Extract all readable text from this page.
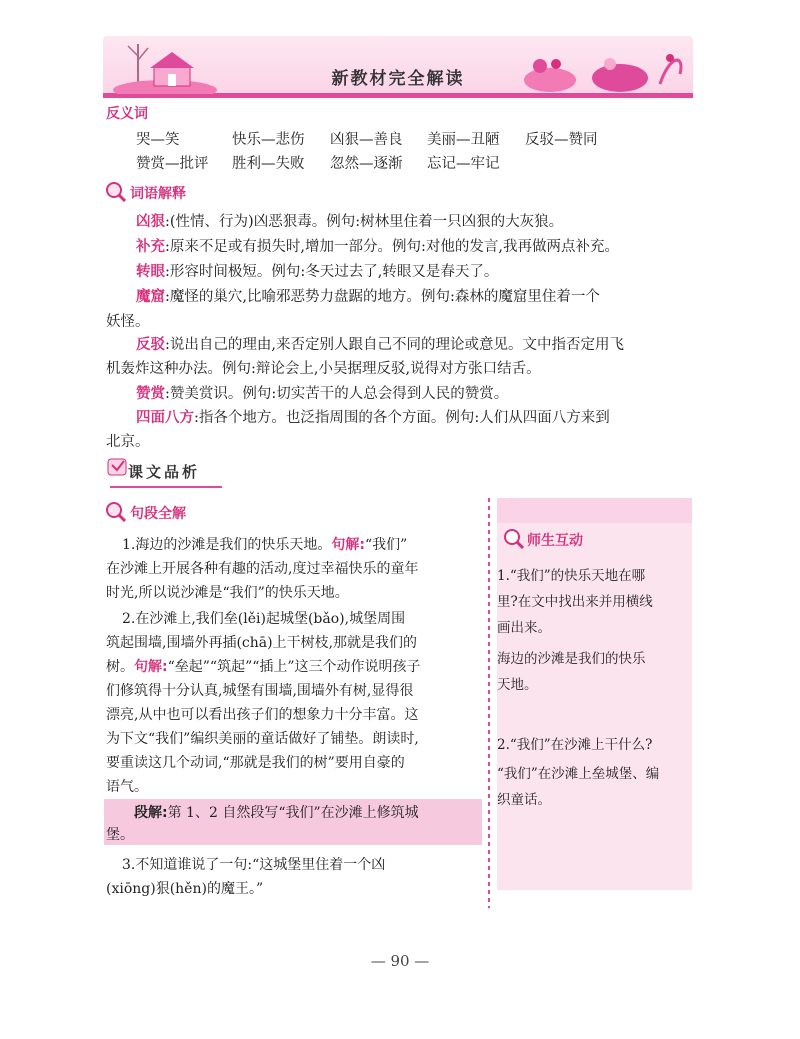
新教材完全解读
反义词
哭—笑	快乐—悲伤 凶狠—善良 美丽—丑陋 反驳—赞同
赞赏—批评 胜利—失败 忽然—逐渐 忘记—牢记
词语解释
凶狠:(性情、行为)凶恶狠毒。例句:树林里住着一只凶狠的大灰狼。
补充:原来不足或有损失时,增加一部分。例句:对他的发言,我再做两点补充。
转眼:形容时间极短。例句:冬天过去了,转眼又是春天了。
魔窟:魔怪的巢穴,比喻邪恶势力盘踞的地方。例句:森林的魔窟里住着一个
妖怪。
反驳:说出自己的理由,来否定别人跟自己不同的理论或意见。文中指否定用飞
机轰炸这种办法。例句:辩论会上,小吴据理反驳,说得对方张口结舌。
赞赏:赞美赏识。例句:切实苦干的人总会得到人民的赞赏。
四面八方:指各个地方。也泛指周围的各个方面。例句:人们从四面八方来到
北京。
课文品析
句段全解
1.海边的沙滩是我们的快乐天地。句解:“我们”
在沙滩上开展各种有趣的活动,度过幸福快乐的童年
时光,所以说沙滩是“我们”的快乐天地。
2.在沙滩上,我们垒(lěi)起城堡(bǎo),城堡周围
筑起围墙,围墙外再插(chā)上干树枝,那就是我们的
树。句解:“垒起”“筑起”“插上”这三个动作说明孩子
们修筑得十分认真,城堡有围墙,围墙外有树,显得很
漂亮,从中也可以看出孩子们的想象力十分丰富。这
为下文“我们”编织美丽的童话做好了铺垫。朗读时,
要重读这几个动词,“那就是我们的树”要用自豪的
语气。
段解:第 1、2 自然段写“我们”在沙滩上修筑城
堡。
3.不知道谁说了一句:“这城堡里住着一个凶
(xiōng)狠(hěn)的魔王。”
师生互动
1.“我们”的快乐天地在哪
里?在文中找出来并用横线
画出来。
海边的沙滩是我们的快乐
天地。
2.“我们”在沙滩上干什么?
“我们”在沙滩上垒城堡、编
织童话。
— 90 —
